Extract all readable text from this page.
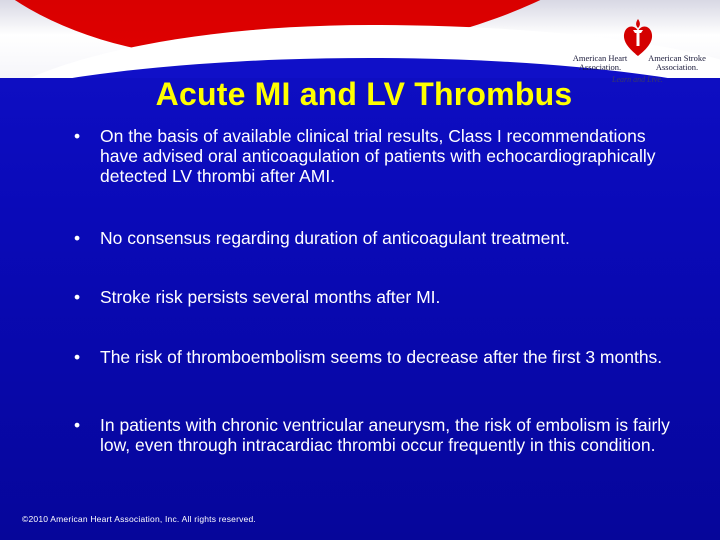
American Heart
Association.
American Stroke
Association.
Learn and Live.
Acute MI and LV Thrombus
• On the basis of available clinical trial results, Class I recommendations have advised oral anticoagulation of patients with echocardiographically detected LV thrombi after AMI.
• No consensus regarding duration of anticoagulant treatment.
• Stroke risk persists several months after MI.
• The risk of thromboembolism seems to decrease after the first 3 months.
• In patients with chronic ventricular aneurysm, the risk of embolism is fairly low, even through intracardiac thrombi occur frequently in this condition.
©2010 American Heart Association, Inc. All rights reserved.
